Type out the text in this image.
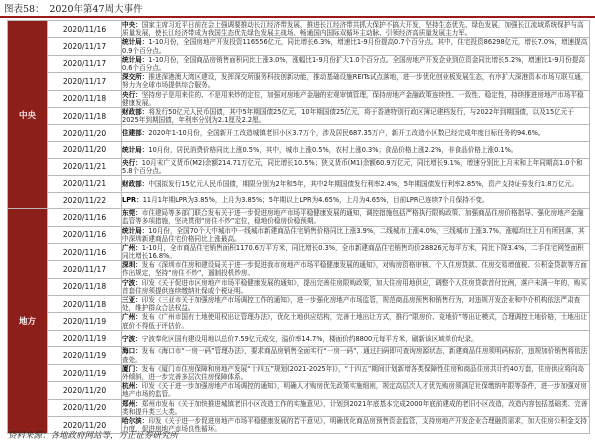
图表58：　2020年第47周大事件
中央	2020/11/16	中央：国家主席习近平日前在会上强调要推动长江经济带发展，推进长江经济带共抓大保护不搞大开发，坚持生态优先、绿色发展，加强长江流域系统保护与高质量发展，使长江经济带成为我国生态优先绿色发展主战场、畅通国内国际双循环主动脉、引领经济高质量发展主力军。

	2020/11/17	统计局：1-10月份，全国房地产开发投资116556亿元，同比增长6.3%，增速比1-9月份提高0.7个百分点。其中，住宅投资86298亿元，增长7.0%，增速提高0.9个百分点。

	2020/11/17	统计局：1-10月份，全国商品房销售面积同比上涨3.0%，涨幅比1-9月份扩大1.0个百分点。全国房地产开发企业到位资金同比增长5.2%，增速比1-9月份提高0.6个百分点。

	2020/11/17	深交所：推进深港澳大湾区建设，发挥深交所服务科技创新功能，推动基础设施REITs试点落地，进一步优化创业板发展生态，有序扩大深港资本市场互联互通，努力为全球市场提供综合服务。

	2020/11/18	央行：坚持房子是用来住的、不是用来炒的定位，加强对房地产金融的宏观审慎管理，保持房地产金融政策连续性、一致性、稳定性，持续推进房地产市场平稳健康发展。

	2020/11/18	财政部：将发行50亿元人民币国债，其中5年期国债25亿元，10年期国债25亿元，将于香港特别行政区簿记建档发行，与2022年到期国债，以及15亿元于2025年到期国债，年利率分别为2.1厘及2.2厘。

	2020/11/20	住建部：2020年1-10月份，全国新开工改造城镇老旧小区3.7万个，涉及居民687.35万户，新开工改造小区数已经完成年度目标任务的94.6%。

	2020/11/20	统计局：10月份，居民消费价格同比上涨0.5%，其中，城市上涨0.5%，农村上涨0.3%；食品价格上涨2.2%，非食品价格上涨0.1%。

	2020/11/21	央行：10月末广义货币(M2)余额214.71万亿元，同比增长10.5%；狭义货币(M1)余额60.9万亿元，同比增长9.1%，增速分别比上月末和上年同期高1.0个和5.8个百分点。

	2020/11/21	财政部：中国拟发行15亿元人民币国债，期限分别为2年和5年，其中2年期国债发行利率2.4%，5年期国债发行利率2.85%，资产支持证券发行1.8万亿元。

	2020/11/22	LPR：11月1年期LPR为3.85%，上月为3.85%；5年期以上LPR为4.65%，上月为4.65%，目前LPR已连续7个月保持不变。

地方	2020/11/16	东莞：市住建局等多部门联合发布关于进一步促进房地产市场平稳健康发展的通知，调控措施包括严格执行限购政策、加强商品住房价格指导、强化房地产金融监管等多项措施，坚决贯彻“房住不炒”定位，稳地价稳房价稳预期。

	2020/11/16	统计局：10月份，全国70个大中城市中一线城市新建商品住宅销售价格同比上涨3.9%，二线城市上涨4.0%，三线城市上涨3.7%，涨幅均比上月有所回落，其中深圳新建商品住宅价格同比上涨最高。

	2020/11/16	广州：1-10月，全市商品住宅销售面积1170.6万平方米，同比增长0.3%，全市新建商品住宅销售均价28826元每平方米，同比下降3.4%，二手住宅网签面积同比增长16.8%。

	2020/11/17	深圳：发布《深圳市住房和建设局关于进一步促进我市房地产市场平稳健康发展的通知》，对购房资格审核、个人住房贷款、住房交易增值税、公积金贷款等方面作出规定，坚持“房住不炒”，遏制投机炒房。

	2020/11/18	宁波：印发《关于促进市区房地产市场平稳健康发展的通知》，提出完善住房限购政策，加大住房用地供应，调整个人住房贷款首付比例，落户未满一年的，购买首套住房须提供连续缴纳社保或个税证明。

	2020/11/18	三亚：印发《三亚市关于加强房地产市场调控工作的通知》，进一步强化房地产市场监管，规范商品房预售和销售行为，对违规开发企业和中介机构依法严肃查处，维护群众合法权益。

	2020/11/19	广州：发布《广州市国有土地使用权出让管理办法》，优化土地供应结构，完善土地出让方式，推行“限房价、竞地价”等出让模式，合理调控土地价格，土地出让底价不得低于评估价。

	2020/11/19	宁波：宁波奉化区国有建设用地以总价7.59亿元成交，溢价率14.7%，楼面价约8800元每平方米，刷新该区域单价纪录。

	2020/11/19	海口：发布《海口市“一房一码”管理办法》，要求商品房销售全面实行“一房一码”，通过扫码即可查询房源状态，新建商品住房须明码标价，违规加价销售将依法查处。

	2020/11/19	厦门：发布《厦门市住房保障和房地产发展“十四五”规划(2021-2025年)》，“十四五”期间计划新增各类保障性住房和商品住房共计约40万套，住房供应将向岛外倾斜，进一步完善多层次住房保障体系。

	2020/11/20	杭州：印发《关于进一步加强房地产市场调控的通知》，明确人才购房优先政策实施细则，规定高层次人才优先购房须满足社保缴纳年限等条件，进一步加强对房地产市场的监管。

	2020/11/20	郑州：郑州市发布《关于加快推进城镇老旧小区改造工作的实施意见》，计划到2021年底基本完成2000年底前建成的老旧小区改造，改造内容包括基础类、完善类和提升类三大类。

	2020/11/20	哈尔滨：印发《关于进一步促进房地产市场平稳健康发展的若干意见》，明确优化商品房预售资金监管，支持房地产开发企业合理融资需求，加大住房公积金支持力度，促进房地产市场良性循环。
资料来源：各地政府网站等，方正证券研究所
